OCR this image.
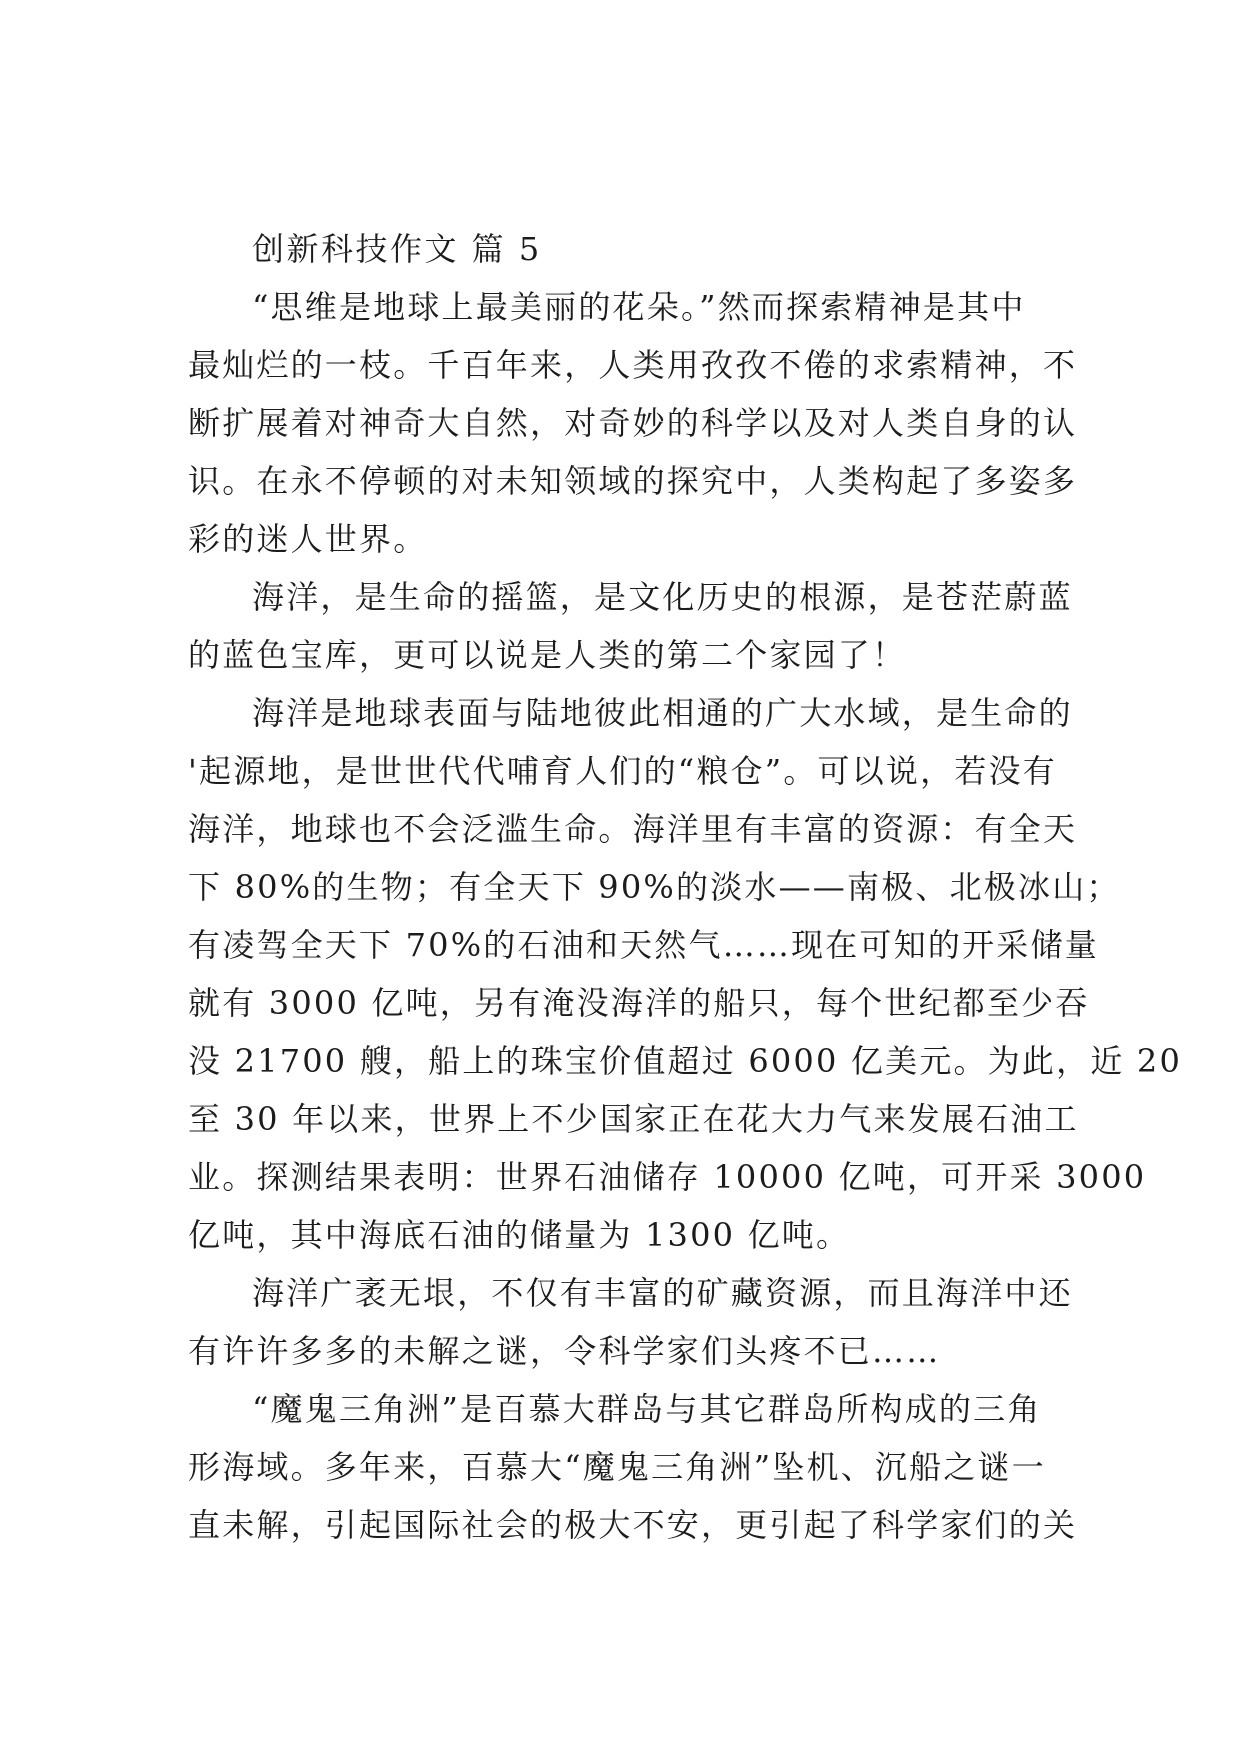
创新科技作文 篇 5
“思维是地球上最美丽的花朵。”然而探索精神是其中
最灿烂的一枝。千百年来，人类用孜孜不倦的求索精神，不
断扩展着对神奇大自然，对奇妙的科学以及对人类自身的认
识。在永不停顿的对未知领域的探究中，人类构起了多姿多
彩的迷人世界。
海洋，是生命的摇篮，是文化历史的根源，是苍茫蔚蓝
的蓝色宝库，更可以说是人类的第二个家园了！
海洋是地球表面与陆地彼此相通的广大水域，是生命的
'起源地，是世世代代哺育人们的“粮仓”。可以说，若没有
海洋，地球也不会泛滥生命。海洋里有丰富的资源：有全天
下 80%的生物；有全天下 90%的淡水——南极、北极冰山；
有凌驾全天下 70%的石油和天然气……现在可知的开采储量
就有 3000 亿吨，另有淹没海洋的船只，每个世纪都至少吞
没 21700 艘，船上的珠宝价值超过 6000 亿美元。为此，近 20
至 30 年以来，世界上不少国家正在花大力气来发展石油工
业。探测结果表明：世界石油储存 10000 亿吨，可开采 3000
亿吨，其中海底石油的储量为 1300 亿吨。
海洋广袤无垠，不仅有丰富的矿藏资源，而且海洋中还
有许许多多的未解之谜，令科学家们头疼不已……
“魔鬼三角洲”是百慕大群岛与其它群岛所构成的三角
形海域。多年来，百慕大“魔鬼三角洲”坠机、沉船之谜一
直未解，引起国际社会的极大不安，更引起了科学家们的关
